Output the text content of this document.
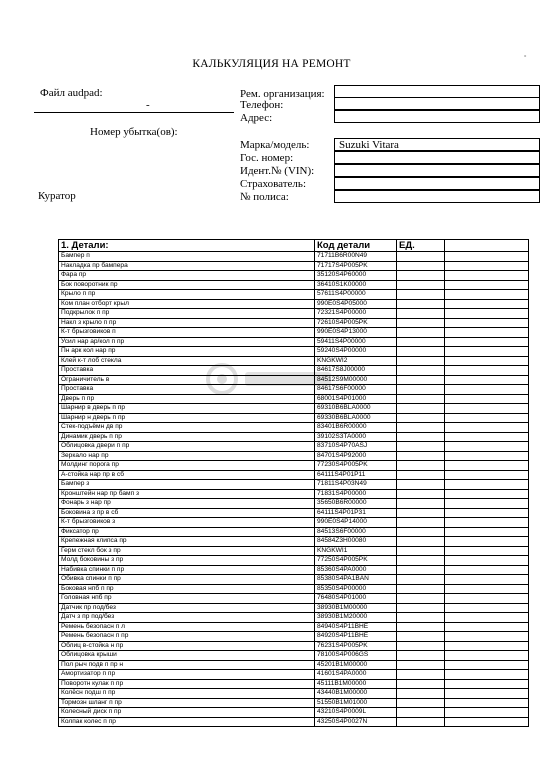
°
КАЛЬКУЛЯЦИЯ НА РЕМОНТ
Файл audpad:
-
Номер убытка(ов):
Куратор
Рем. организация:
Телефон:
Адрес:
Марка/модель:	Suzuki Vitara
Гос. номер:
Идент.№ (VIN):
Страхователь:
№ полиса:
1. Детали:	Код детали	ЕД.	
Бампер п	71711B6R00N49		
Накладка пр бампера	71717S4P005PK		
Фара пр	35120S4P60000		
Бок поворотник пр	36410S1K00000		
Крыло п пр	57611S4P00000		
Ком план отборт крыл	990E0S4P05000		
Подкрылок п пр	72321S4P00000		
Накл з крыло п пр	72610S4P005PK		
К-т брызговиков п	990E0S4P13000		
Усил нар ар/кол п пр	59411S4P00000		
Пн арк кол нар пр	59240S4P00000		
Клей к-т лоб стекла	KNGKWI2		
Проставка	84617S8J00000		
Ограничитель в	84512S9M00000		
Проставка	84617S6F00000		
Дверь п пр	68001S4P01000		
Шарнир в дверь п пр	69310B6BLA0000		
Шарнир н дверь п пр	69330B6BLA0000		
Стек-подъёмн дв пр	83401B6R00000		
Динамик дверь п пр	39102S3TA0000		
Облицовка двери п пр	83710S4P70ASJ		
Зеркало нар пр	84701S4P92000		
Молдинг порога пр	77230S4P005PK		
А-стойка нар пр в сб	64111S4P01P11		
Бампер з	71811S4P03N49		
Кронштейн нар пр бамп з	71831S4P00000		
Фонарь з нар пр	35650B6R00000		
Боковина з пр в сб	64111S4P01P31		
К-т брызговиков з	990E0S4P14000		
Фиксатор пр	84513S6F00000		
Крепежная клипса пр	84584Z3H00080		
Герм стекл бок з пр	KNGKWI1		
Молд боковины з пр	77250S4P005PK		
Набивка спинки п пр	85360S4PA0000		
Обивка спинки п пр	85380S4PA1BAN		
Боковая нпб п пр	85350S4P00000		
Головная нпб пр	76480S4P01000		
Датчик пр под/без	38930B1M00000		
Датч з пр под/без	38930B1M20000		
Ремень безопасн п л	84940S4P11BHE		
Ремень безопасн п пр	84920S4P11BHE		
Облиц в-стойка н пр	76231S4P005PK		
Облицовка крыши	78100S4P006GS		
Пол рыч подв п пр н	45201B1M00000		
Амортизатор п пр	41601S4PA0000		
Поворотн кулак п пр	45111B1M00000		
Колёсн подш п пр	43440B1M00000		
Тормозн шланг п пр	51550B1M01000		
Колесный диск п пр	43210S4P0009L		
Колпак колес п пр	43250S4P0027N		
